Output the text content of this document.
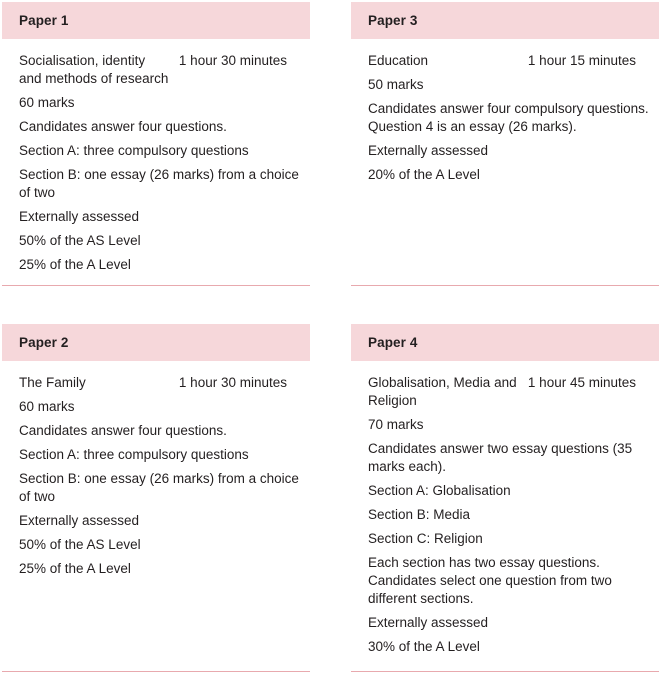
Paper 1
Socialisation, identity and methods of research
1 hour 30 minutes
60 marks
Candidates answer four questions.
Section A: three compulsory questions
Section B: one essay (26 marks) from a choice of two
Externally assessed
50% of the AS Level
25% of the A Level
Paper 3
Education	1 hour 15 minutes
50 marks
Candidates answer four compulsory questions. Question 4 is an essay (26 marks).
Externally assessed
20% of the A Level
Paper 2
The Family	1 hour 30 minutes
60 marks
Candidates answer four questions.
Section A: three compulsory questions
Section B: one essay (26 marks) from a choice of two
Externally assessed
50% of the AS Level
25% of the A Level
Paper 4
Globalisation, Media and Religion
1 hour 45 minutes
70 marks
Candidates answer two essay questions (35 marks each).
Section A: Globalisation
Section B: Media
Section C: Religion
Each section has two essay questions. Candidates select one question from two different sections.
Externally assessed
30% of the A Level
